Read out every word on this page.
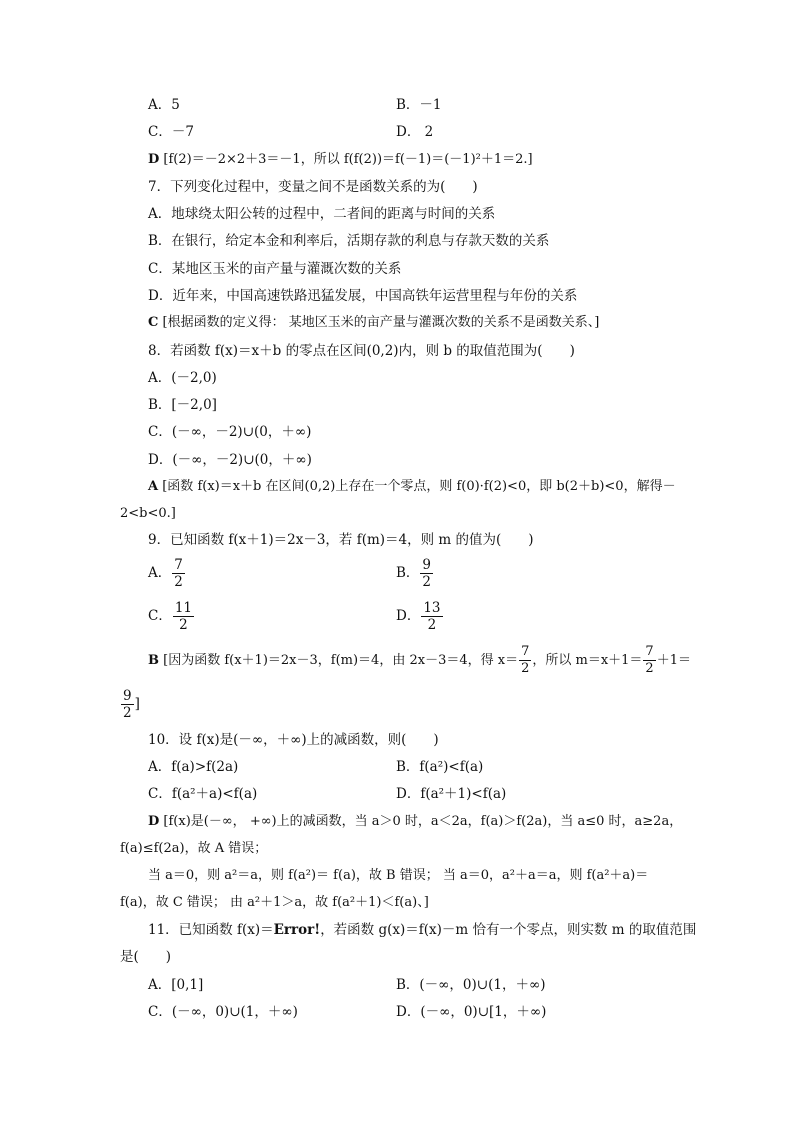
A．5	B．－1
C．－7	D． 2
D [f(2)＝－2×2＋3＝－1，所以 f(f(2))＝f(－1)＝(－1)²＋1＝2.]
7．下列变化过程中，变量之间不是函数关系的为(　　)
A．地球绕太阳公转的过程中，二者间的距离与时间的关系
B．在银行，给定本金和利率后，活期存款的利息与存款天数的关系
C．某地区玉米的亩产量与灌溉次数的关系
D．近年来，中国高速铁路迅猛发展，中国高铁年运营里程与年份的关系
C [根据函数的定义得： 某地区玉米的亩产量与灌溉次数的关系不是函数关系、]
8．若函数 f(x)＝x＋b 的零点在区间(0,2)内，则 b 的取值范围为(　　)
A．(－2,0)
B．[－2,0]
C．(－∞，－2)∪(0，＋∞)
D．(－∞，－2)∪(0，＋∞)
A [函数 f(x)＝x＋b 在区间(0,2)上存在一个零点，则 f(0)·f(2)<0，即 b(2＋b)<0，解得－
2<b<0.]
9．已知函数 f(x＋1)＝2x－3，若 f(m)＝4，则 m 的值为(　　)
A． $\frac{7}{2}$	B． $\frac{9}{2}$
C． $\frac{11}{2}$	D． $\frac{13}{2}$
B [因为函数 f(x＋1)＝2x－3，f(m)＝4，由 2x－3＝4，得 $x= \frac{7}{2}$ ，所以 $m=x+1= \frac{7}{2} +1=$
$\frac{9}{2}$ ]
10．设 f(x)是(－∞，＋∞)上的减函数，则(　　)
A．f(a)>f(2a)	B．f(a²)<f(a)
C．f(a²＋a)<f(a)	D．f(a²＋1)<f(a)
D [f(x)是(－∞， +∞)上的减函数，当 a＞0 时，a＜2a，f(a)＞f(2a)，当 a≤0 时，a≥2a，
f(a)≤f(2a)，故 A 错误；
当 a＝0，则 a²＝a，则 f(a²)＝ f(a)，故 B 错误； 当 a＝0，a²＋a＝a，则 f(a²＋a)＝
f(a)，故 C 错误； 由 a²＋1＞a，故 f(a²＋1)＜f(a)、]
11．已知函数 f(x)＝Error!，若函数 g(x)＝f(x)－m 恰有一个零点，则实数 m 的取值范围
是(　　)
A．[0,1]	B．(－∞，0)∪(1，＋∞)
C．(－∞，0)∪(1，＋∞)	D．(－∞，0)∪[1，＋∞)
